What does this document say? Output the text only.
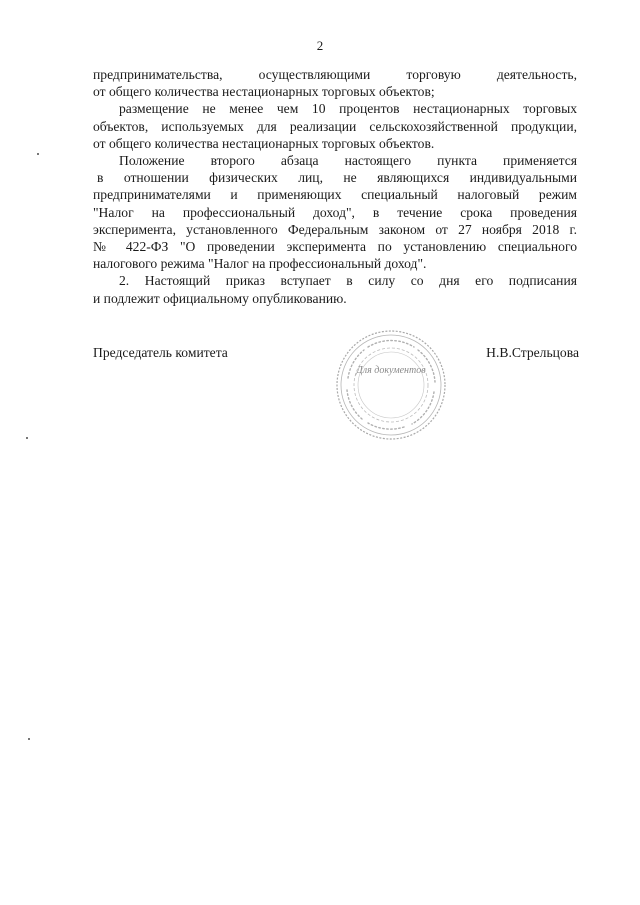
2

предпринимательства, осуществляющими торговую деятельность,
от общего количества нестационарных торговых объектов;

размещение не менее чем 10 процентов нестационарных торговых
объектов, используемых для реализации сельскохозяйственной продукции,
от общего количества нестационарных торговых объектов.

Положение второго абзаца настоящего пункта применяется
в отношении физических лиц, не являющихся индивидуальными
предпринимателями и применяющих специальный налоговый режим
"Налог на профессиональный доход", в течение срока проведения
эксперимента, установленного Федеральным законом от 27 ноября 2018 г.
№ 422-ФЗ "О проведении эксперимента по установлению специального
налогового режима "Налог на профессиональный доход".

2. Настоящий приказ вступает в силу со дня его подписания
и подлежит официальному опубликованию.

Председатель комитета	Н.В.Стрельцова
Для документов
